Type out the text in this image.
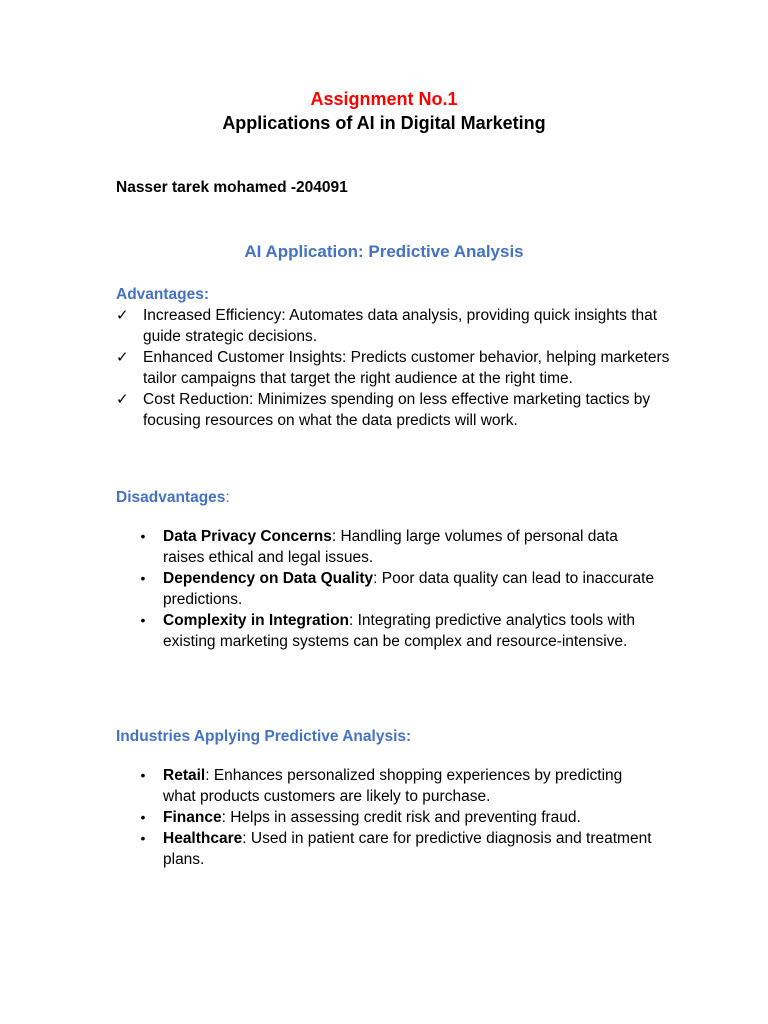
Assignment No.1
Applications of AI in Digital Marketing
Nasser tarek mohamed -204091
AI Application: Predictive Analysis
Advantages:
✓ Increased Efficiency: Automates data analysis, providing quick insights that guide strategic decisions.
✓ Enhanced Customer Insights: Predicts customer behavior, helping marketers tailor campaigns that target the right audience at the right time.
✓ Cost Reduction: Minimizes spending on less effective marketing tactics by focusing resources on what the data predicts will work.
Disadvantages:
• Data Privacy Concerns: Handling large volumes of personal data raises ethical and legal issues.
• Dependency on Data Quality: Poor data quality can lead to inaccurate predictions.
• Complexity in Integration: Integrating predictive analytics tools with existing marketing systems can be complex and resource-intensive.
Industries Applying Predictive Analysis:
• Retail: Enhances personalized shopping experiences by predicting what products customers are likely to purchase.
• Finance: Helps in assessing credit risk and preventing fraud.
• Healthcare: Used in patient care for predictive diagnosis and treatment plans.
